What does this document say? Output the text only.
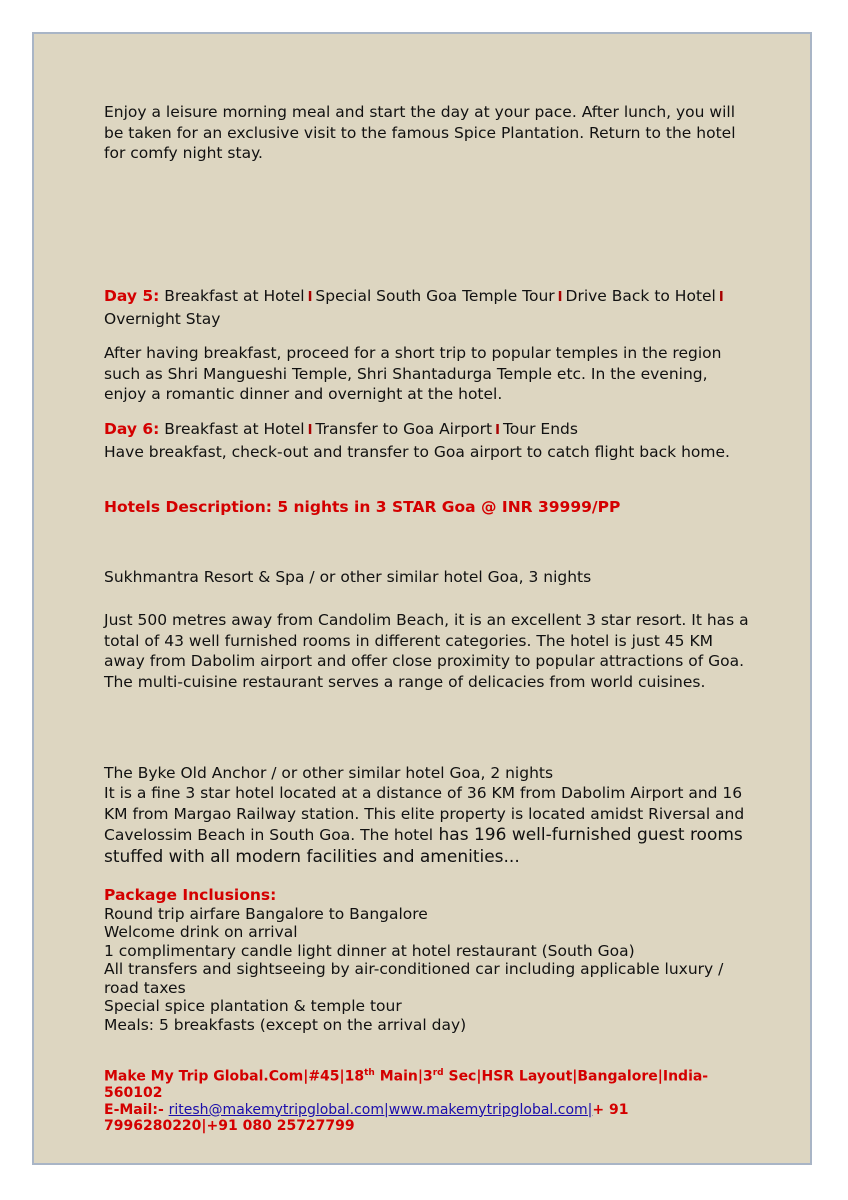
Enjoy a leisure morning meal and start the day at your pace. After lunch, you will be taken for an exclusive visit to the famous Spice Plantation. Return to the hotel for comfy night stay.

Day 5: Breakfast at Hotel I Special South Goa Temple Tour I Drive Back to Hotel I
Overnight Stay

After having breakfast, proceed for a short trip to popular temples in the region such as Shri Mangueshi Temple, Shri Shantadurga Temple etc. In the evening, enjoy a romantic dinner and overnight at the hotel.

Day 6: Breakfast at Hotel I Transfer to Goa Airport I Tour Ends
Have breakfast, check-out and transfer to Goa airport to catch flight back home.

Hotels Description: 5 nights in 3 STAR Goa @ INR 39999/PP

Sukhmantra Resort & Spa / or other similar hotel Goa, 3 nights

Just 500 metres away from Candolim Beach, it is an excellent 3 star resort. It has a total of 43 well furnished rooms in different categories. The hotel is just 45 KM away from Dabolim airport and offer close proximity to popular attractions of Goa. The multi-cuisine restaurant serves a range of delicacies from world cuisines.

The Byke Old Anchor / or other similar hotel Goa, 2 nights

It is a fine 3 star hotel located at a distance of 36 KM from Dabolim Airport and 16 KM from Margao Railway station. This elite property is located amidst Riversal and Cavelossim Beach in South Goa. The hotel has 196 well-furnished guest rooms stuffed with all modern facilities and amenities...

Package Inclusions:
Round trip airfare Bangalore to Bangalore
Welcome drink on arrival
1 complimentary candle light dinner at hotel restaurant (South Goa)
All transfers and sightseeing by air-conditioned car including applicable luxury / road taxes
Special spice plantation & temple tour
Meals: 5 breakfasts (except on the arrival day)
Make My Trip Global.Com|#45|18th Main|3rd Sec|HSR Layout|Bangalore|India-560102
E-Mail:- ritesh@makemytripglobal.com|www.makemytripglobal.com|+ 91 7996280220|+91 080 25727799
